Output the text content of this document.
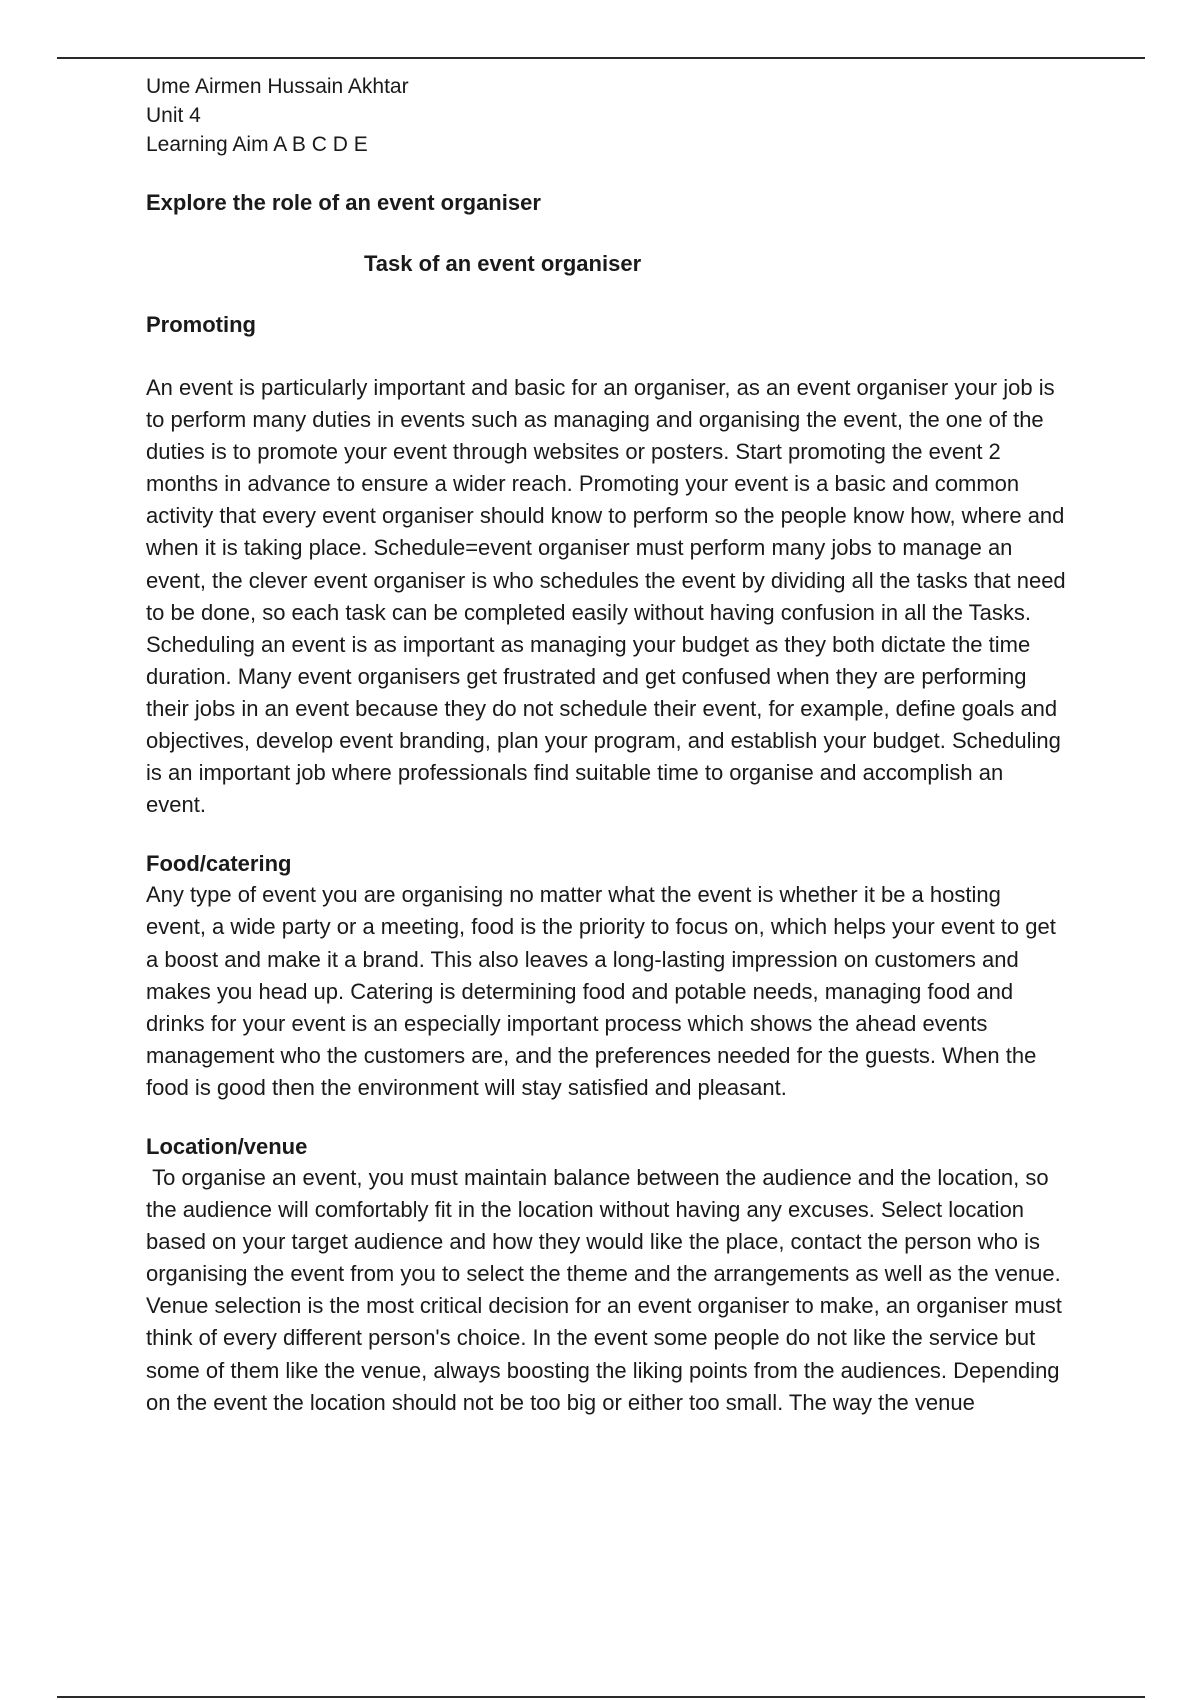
Ume Airmen Hussain Akhtar

Unit 4

Learning Aim A B C D E

Explore the role of an event organiser

Task of an event organiser

Promoting

An event is particularly important and basic for an organiser, as an event organiser your job is to perform many duties in events such as managing and organising the event, the one of the duties is to promote your event through websites or posters. Start promoting the event 2 months in advance to ensure a wider reach. Promoting your event is a basic and common activity that every event organiser should know to perform so the people know how, where and when it is taking place. Schedule=event organiser must perform many jobs to manage an event, the clever event organiser is who schedules the event by dividing all the tasks that need to be done, so each task can be completed easily without having confusion in all the Tasks. Scheduling an event is as important as managing your budget as they both dictate the time duration. Many event organisers get frustrated and get confused when they are performing their jobs in an event because they do not schedule their event, for example, define goals and objectives, develop event branding, plan your program, and establish your budget. Scheduling is an important job where professionals find suitable time to organise and accomplish an event.

Food/catering

Any type of event you are organising no matter what the event is whether it be a hosting event, a wide party or a meeting, food is the priority to focus on, which helps your event to get a boost and make it a brand. This also leaves a long-lasting impression on customers and makes you head up. Catering is determining food and potable needs, managing food and drinks for your event is an especially important process which shows the ahead events management who the customers are, and the preferences needed for the guests. When the food is good then the environment will stay satisfied and pleasant.

Location/venue

To organise an event, you must maintain balance between the audience and the location, so the audience will comfortably fit in the location without having any excuses. Select location based on your target audience and how they would like the place, contact the person who is organising the event from you to select the theme and the arrangements as well as the venue. Venue selection is the most critical decision for an event organiser to make, an organiser must think of every different person's choice. In the event some people do not like the service but some of them like the venue, always boosting the liking points from the audiences. Depending on the event the location should not be too big or either too small. The way the venue
